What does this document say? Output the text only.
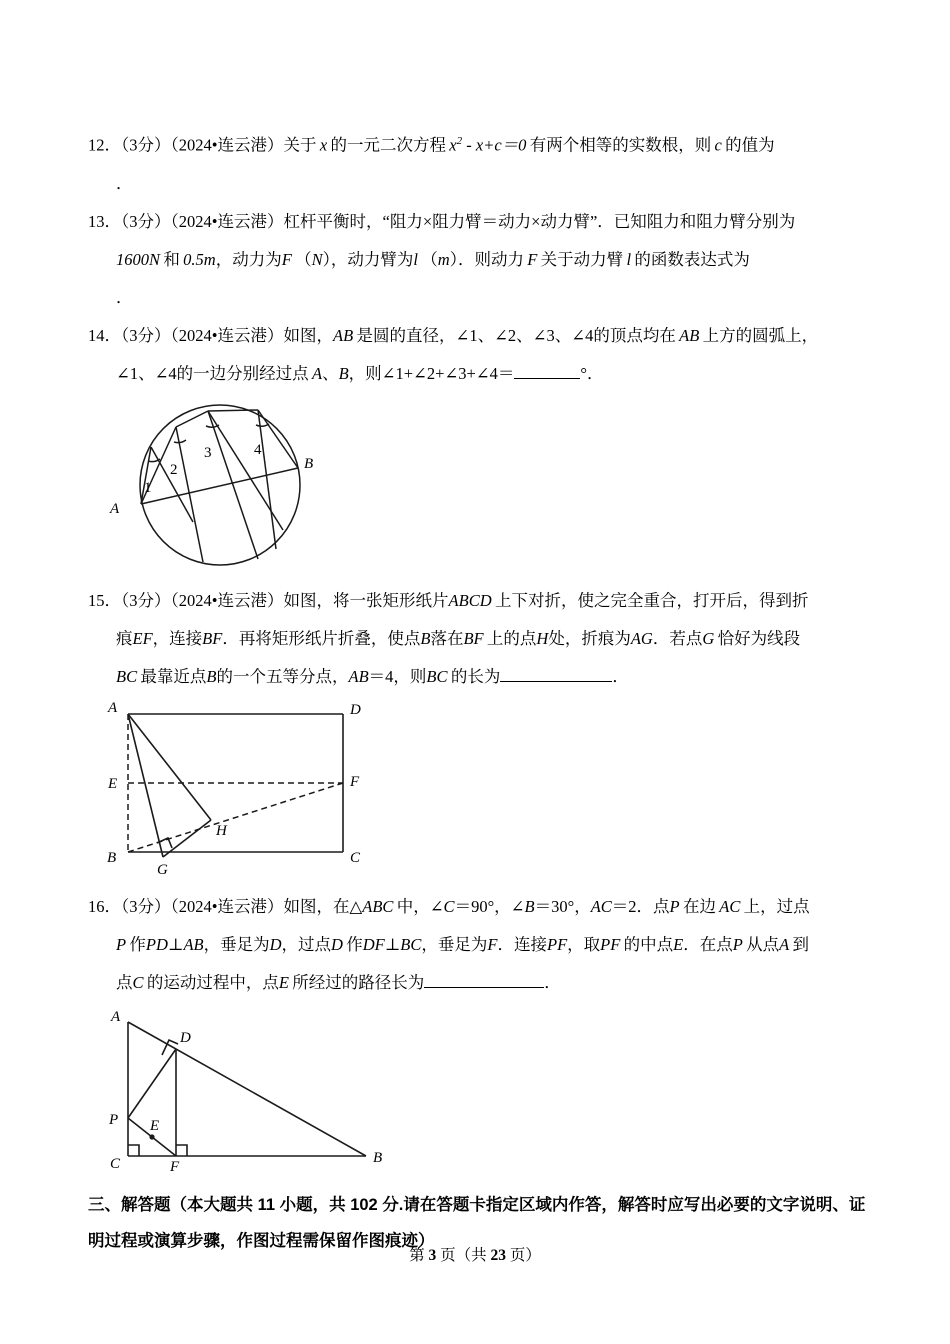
12．（3分）（2024•连云港）关于  x  的一元二次方程  $x^2 - x+c=0$  有两个相等的实数根，则  c  的值为
．
13．（3分）（2024•连云港）杠杆平衡时，“阻力×阻力臂＝动力×动力臂”．已知阻力和阻力臂分别为
1600N  和  0.5m，动力为F  （N），动力臂为l  （m）．则动力  F  关于动力臂  l  的函数表达式为
．
14．（3分）（2024•连云港）如图，AB  是圆的直径，∠1、∠2、∠3、∠4的顶点均在  AB  上方的圆弧上，
∠1、∠4的一边分别经过点  A、B，则∠1+∠2+∠3+∠4＝	°．
A
B
1
2
3	4
15．（3分）（2024•连云港）如图，将一张矩形纸片ABCD  上下对折，使之完全重合，打开后，得到折
痕EF，连接BF．再将矩形纸片折叠，使点B落在BF  上的点H处，折痕为AG．若点G  恰好为线段
BC  最靠近点B的一个五等分点，AB＝4，则BC  的长为	．
A	D
E	F
B
G
C
H
16．（3分）（2024•连云港）如图，在△ABC  中，∠C＝90°，∠B＝30°，AC＝2．点P  在边  AC  上，过点
P  作PD⊥AB，垂足为D，过点D  作DF⊥BC，垂足为F．连接PF，取PF  的中点E．在点P  从点A  到
点C  的运动过程中，点E  所经过的路径长为	．
A
D
P E
C	F
B
三、解答题（本大题共 11 小题，共 102 分.请在答题卡指定区域内作答，解答时应写出必要的文字说明、证
明过程或演算步骤，作图过程需保留作图痕迹）
第 3 页（共 23 页）
